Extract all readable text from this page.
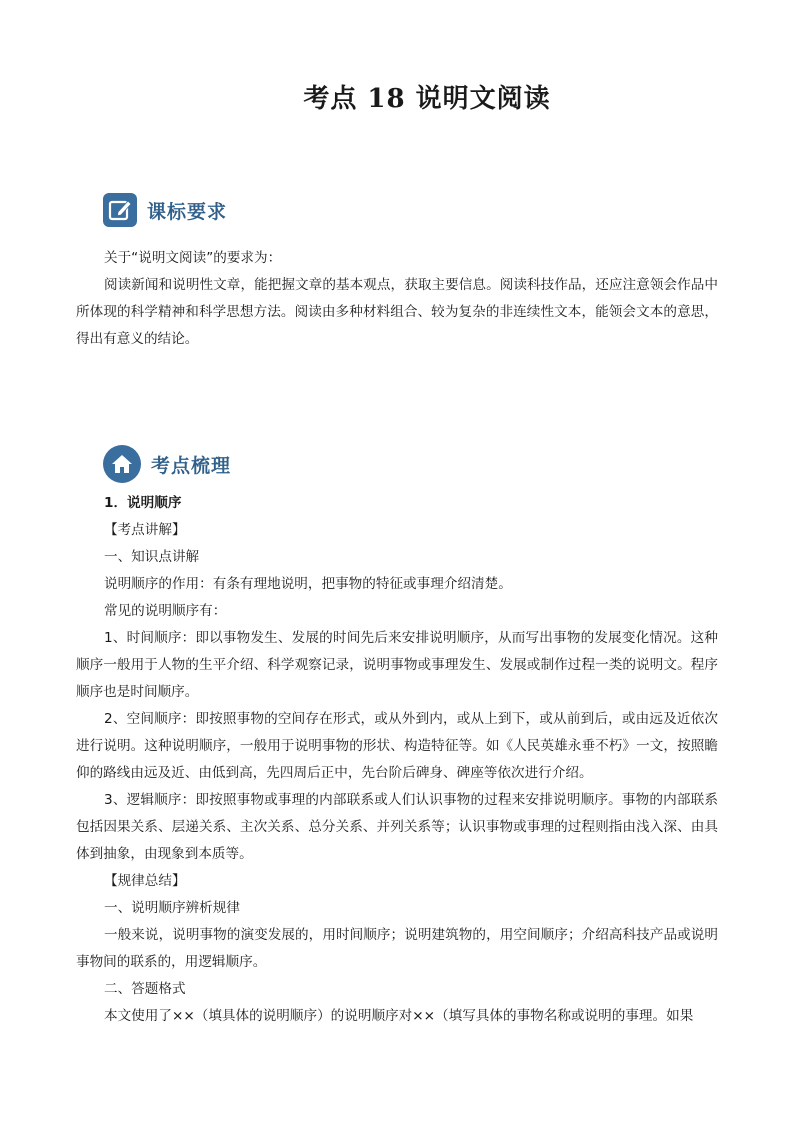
考点 18 说明文阅读
课标要求

关于“说明文阅读”的要求为：

阅读新闻和说明性文章，能把握文章的基本观点，获取主要信息。阅读科技作品，还应注意领会作品中所体现的科学精神和科学思想方法。阅读由多种材料组合、较为复杂的非连续性文本，能领会文本的意思，得出有意义的结论。

考点梳理

1．说明顺序

【考点讲解】

一、知识点讲解

说明顺序的作用：有条有理地说明，把事物的特征或事理介绍清楚。

常见的说明顺序有：

1、时间顺序：即以事物发生、发展的时间先后来安排说明顺序，从而写出事物的发展变化情况。这种顺序一般用于人物的生平介绍、科学观察记录，说明事物或事理发生、发展或制作过程一类的说明文。程序顺序也是时间顺序。

2、空间顺序：即按照事物的空间存在形式，或从外到内，或从上到下，或从前到后，或由远及近依次进行说明。这种说明顺序，一般用于说明事物的形状、构造特征等。如《人民英雄永垂不朽》一文，按照瞻仰的路线由远及近、由低到高，先四周后正中，先台阶后碑身、碑座等依次进行介绍。

3、逻辑顺序：即按照事物或事理的内部联系或人们认识事物的过程来安排说明顺序。事物的内部联系包括因果关系、层递关系、主次关系、总分关系、并列关系等；认识事物或事理的过程则指由浅入深、由具体到抽象，由现象到本质等。

【规律总结】

一、说明顺序辨析规律

一般来说，说明事物的演变发展的，用时间顺序；说明建筑物的，用空间顺序；介绍高科技产品或说明事物间的联系的，用逻辑顺序。

二、答题格式

本文使用了××（填具体的说明顺序）的说明顺序对××（填写具体的事物名称或说明的事理。如果
